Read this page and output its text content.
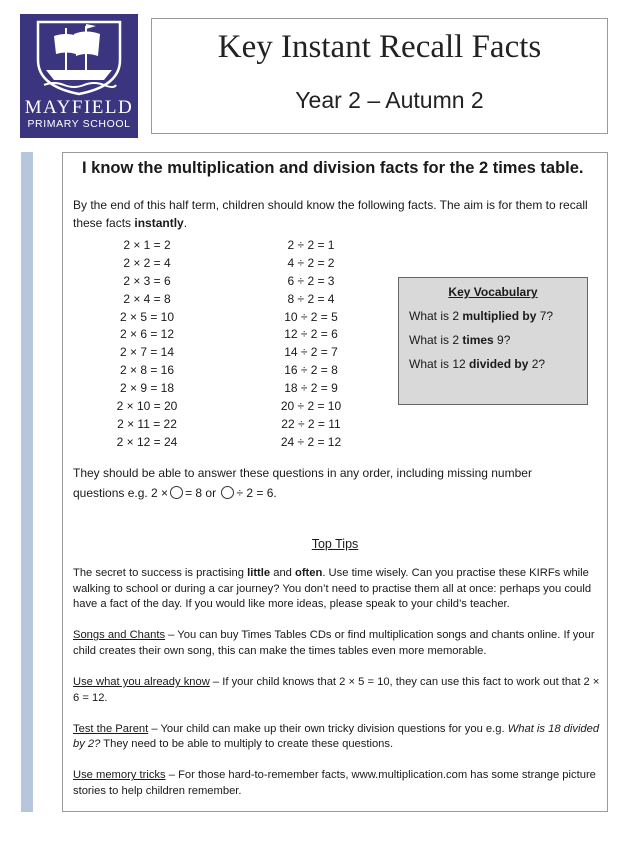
MAYFIELD
PRIMARY SCHOOL
Key Instant Recall Facts
Year 2 – Autumn 2
I know the multiplication and division facts for the 2 times table.
By the end of this half term, children should know the following facts. The aim is for them to recall these facts instantly.
2 × 1 = 2
2 × 2 = 4
2 × 3 = 6
2 × 4 = 8
2 × 5 = 10
2 × 6 = 12
2 × 7 = 14
2 × 8 = 16
2 × 9 = 18
2 × 10 = 20
2 × 11 = 22
2 × 12 = 24
2 ÷ 2 = 1
4 ÷ 2 = 2
6 ÷ 2 = 3
8 ÷ 2 = 4
10 ÷ 2 = 5
12 ÷ 2 = 6
14 ÷ 2 = 7
16 ÷ 2 = 8
18 ÷ 2 = 9
20 ÷ 2 = 10
22 ÷ 2 = 11
24 ÷ 2 = 12
Key Vocabulary

What is 2 multiplied by 7?

What is 2 times 9?

What is 12 divided by 2?

They should be able to answer these questions in any order, including missing number
questions e.g. 2 × = 8 or ÷ 2 = 6.
Top Tips

The secret to success is practising little and often. Use time wisely. Can you practise these KIRFs while walking to school or during a car journey? You don’t need to practise them all at once: perhaps you could have a fact of the day. If you would like more ideas, please speak to your child’s teacher.

Songs and Chants – You can buy Times Tables CDs or find multiplication songs and chants online. If your child creates their own song, this can make the times tables even more memorable.

Use what you already know – If your child knows that 2 × 5 = 10, they can use this fact to work out that 2 × 6 = 12.

Test the Parent – Your child can make up their own tricky division questions for you e.g. What is 18 divided by 2? They need to be able to multiply to create these questions.

Use memory tricks – For those hard-to-remember facts, www.multiplication.com has some strange picture stories to help children remember.
